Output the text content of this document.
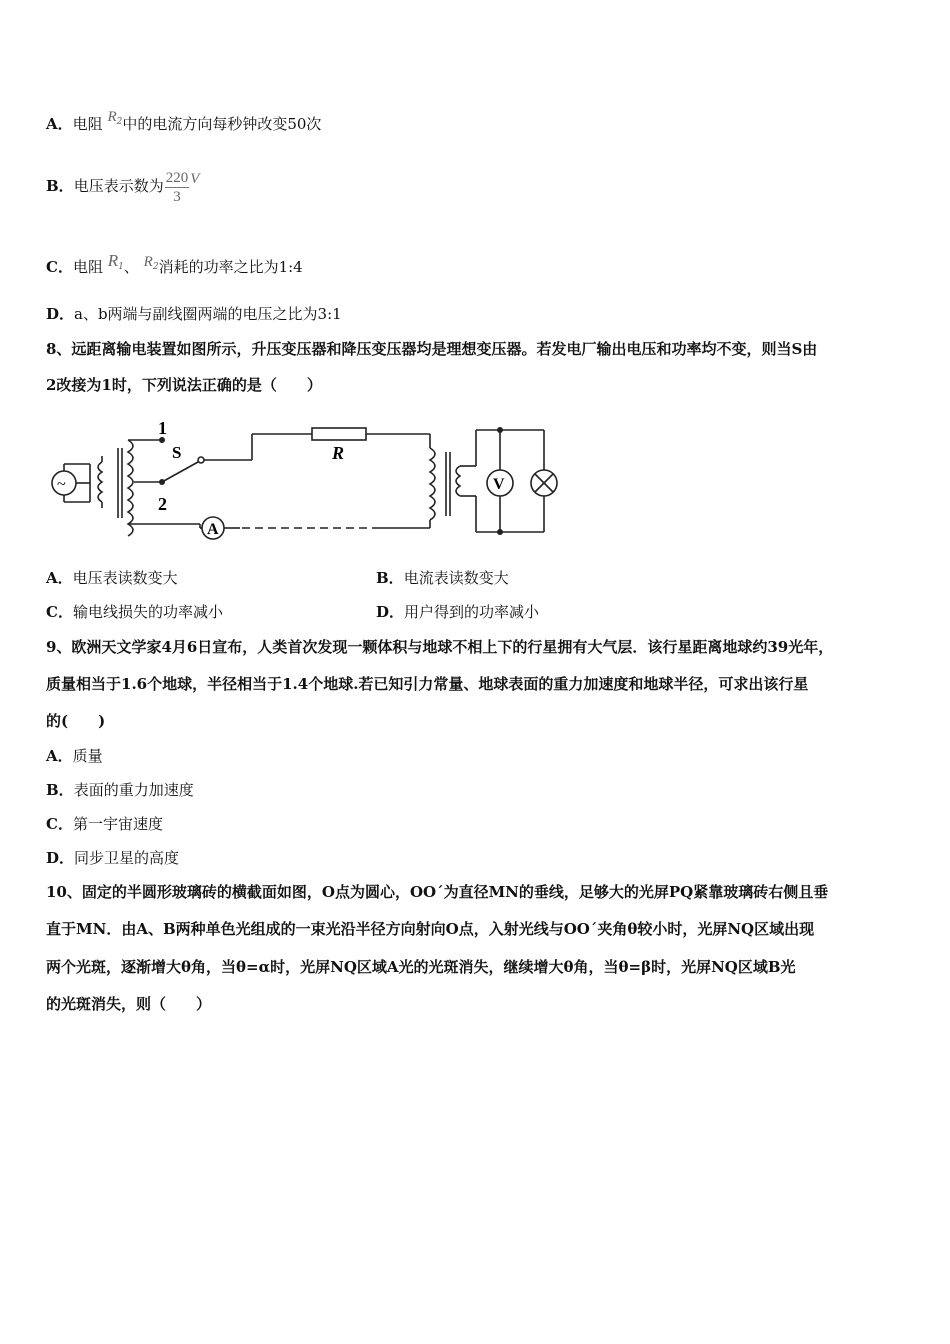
A．电阻 $R_2$中的电流方向每秒钟改变50次
B．电压表示数为 $\frac{220}{3}$ V
C．电阻 $R_1$、 $R_2$消耗的功率之比为1:4
D．a、b两端与副线圈两端的电压之比为3:1
8、远距离输电装置如图所示，升压变压器和降压变压器均是理想变压器。若发电厂输出电压和功率均不变，则当S由
2改接为1时，下列说法正确的是（　　）
1
S
2
R
A
V
~
A．电压表读数变大	B．电流表读数变大
C．输电线损失的功率减小	D．用户得到的功率减小
9、欧洲天文学家4月6日宣布，人类首次发现一颗体积与地球不相上下的行星拥有大气层．该行星距离地球约39光年，
质量相当于1.6个地球，半径相当于1.4个地球.若已知引力常量、地球表面的重力加速度和地球半径，可求出该行星
的(　　)
A．质量
B．表面的重力加速度
C．第一宇宙速度
D．同步卫星的高度
10、固定的半圆形玻璃砖的横截面如图，O点为圆心，OO´为直径MN的垂线，足够大的光屏PQ紧靠玻璃砖右侧且垂
直于MN．由A、B两种单色光组成的一束光沿半径方向射向O点，入射光线与OO´夹角θ较小时，光屏NQ区域出现
两个光斑，逐渐增大θ角，当θ=α时，光屏NQ区域A光的光斑消失，继续增大θ角，当θ=β时，光屏NQ区域B光
的光斑消失，则（　　）
